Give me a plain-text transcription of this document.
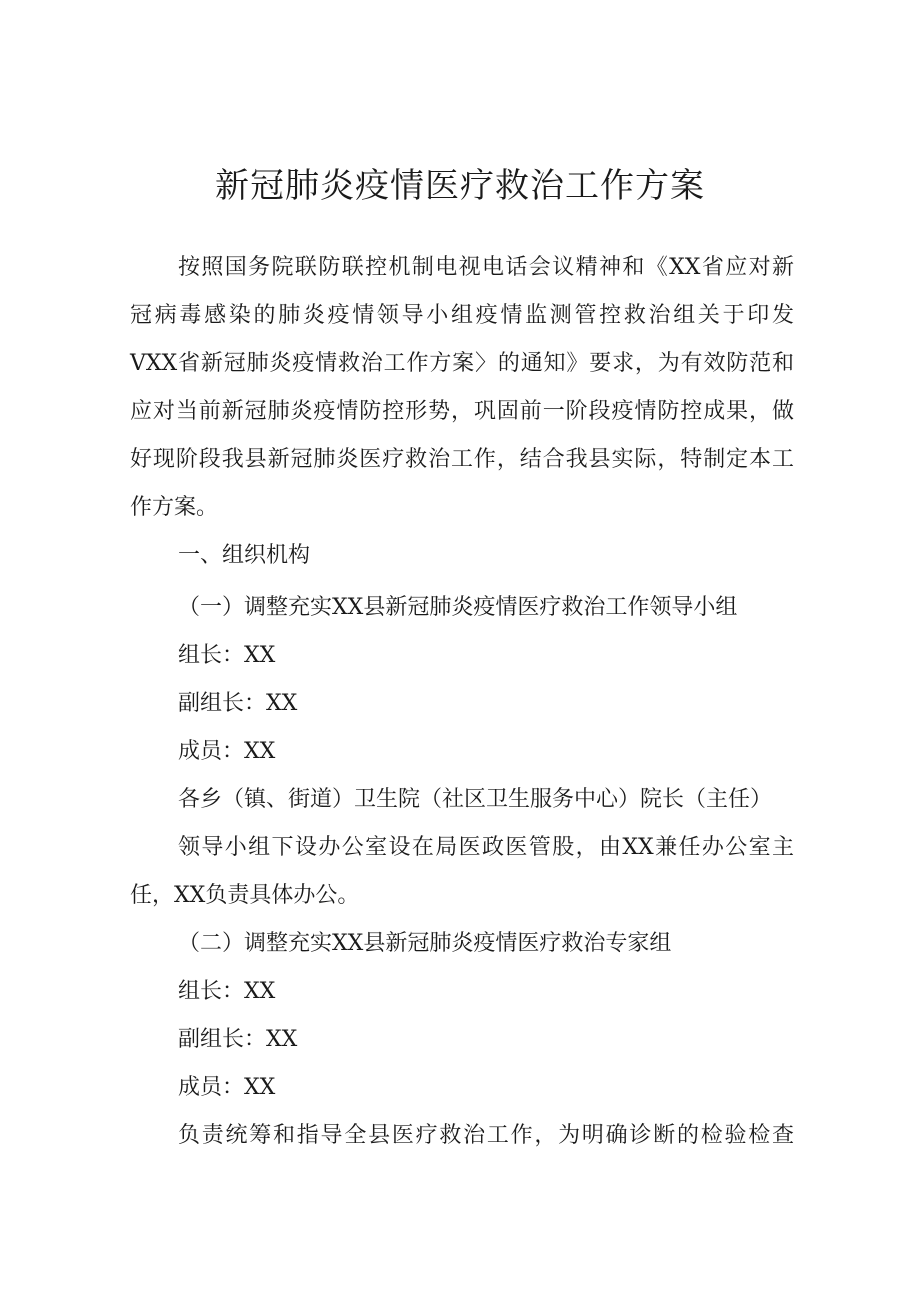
新冠肺炎疫情医疗救治工作方案
按照国务院联防联控机制电视电话会议精神和《XX省应对新
冠病毒感染的肺炎疫情领导小组疫情监测管控救治组关于印发
VXX省新冠肺炎疫情救治工作方案〉的通知》要求，为有效防范和
应对当前新冠肺炎疫情防控形势，巩固前一阶段疫情防控成果，做
好现阶段我县新冠肺炎医疗救治工作，结合我县实际，特制定本工
作方案。
一、组织机构
（一）调整充实XX县新冠肺炎疫情医疗救治工作领导小组
组长：XX
副组长：XX
成员：XX
各乡（镇、街道）卫生院（社区卫生服务中心）院长（主任）
领导小组下设办公室设在局医政医管股，由XX兼任办公室主
任，XX负责具体办公。
（二）调整充实XX县新冠肺炎疫情医疗救治专家组
组长：XX
副组长：XX
成员：XX
负责统筹和指导全县医疗救治工作，为明确诊断的检验检查
